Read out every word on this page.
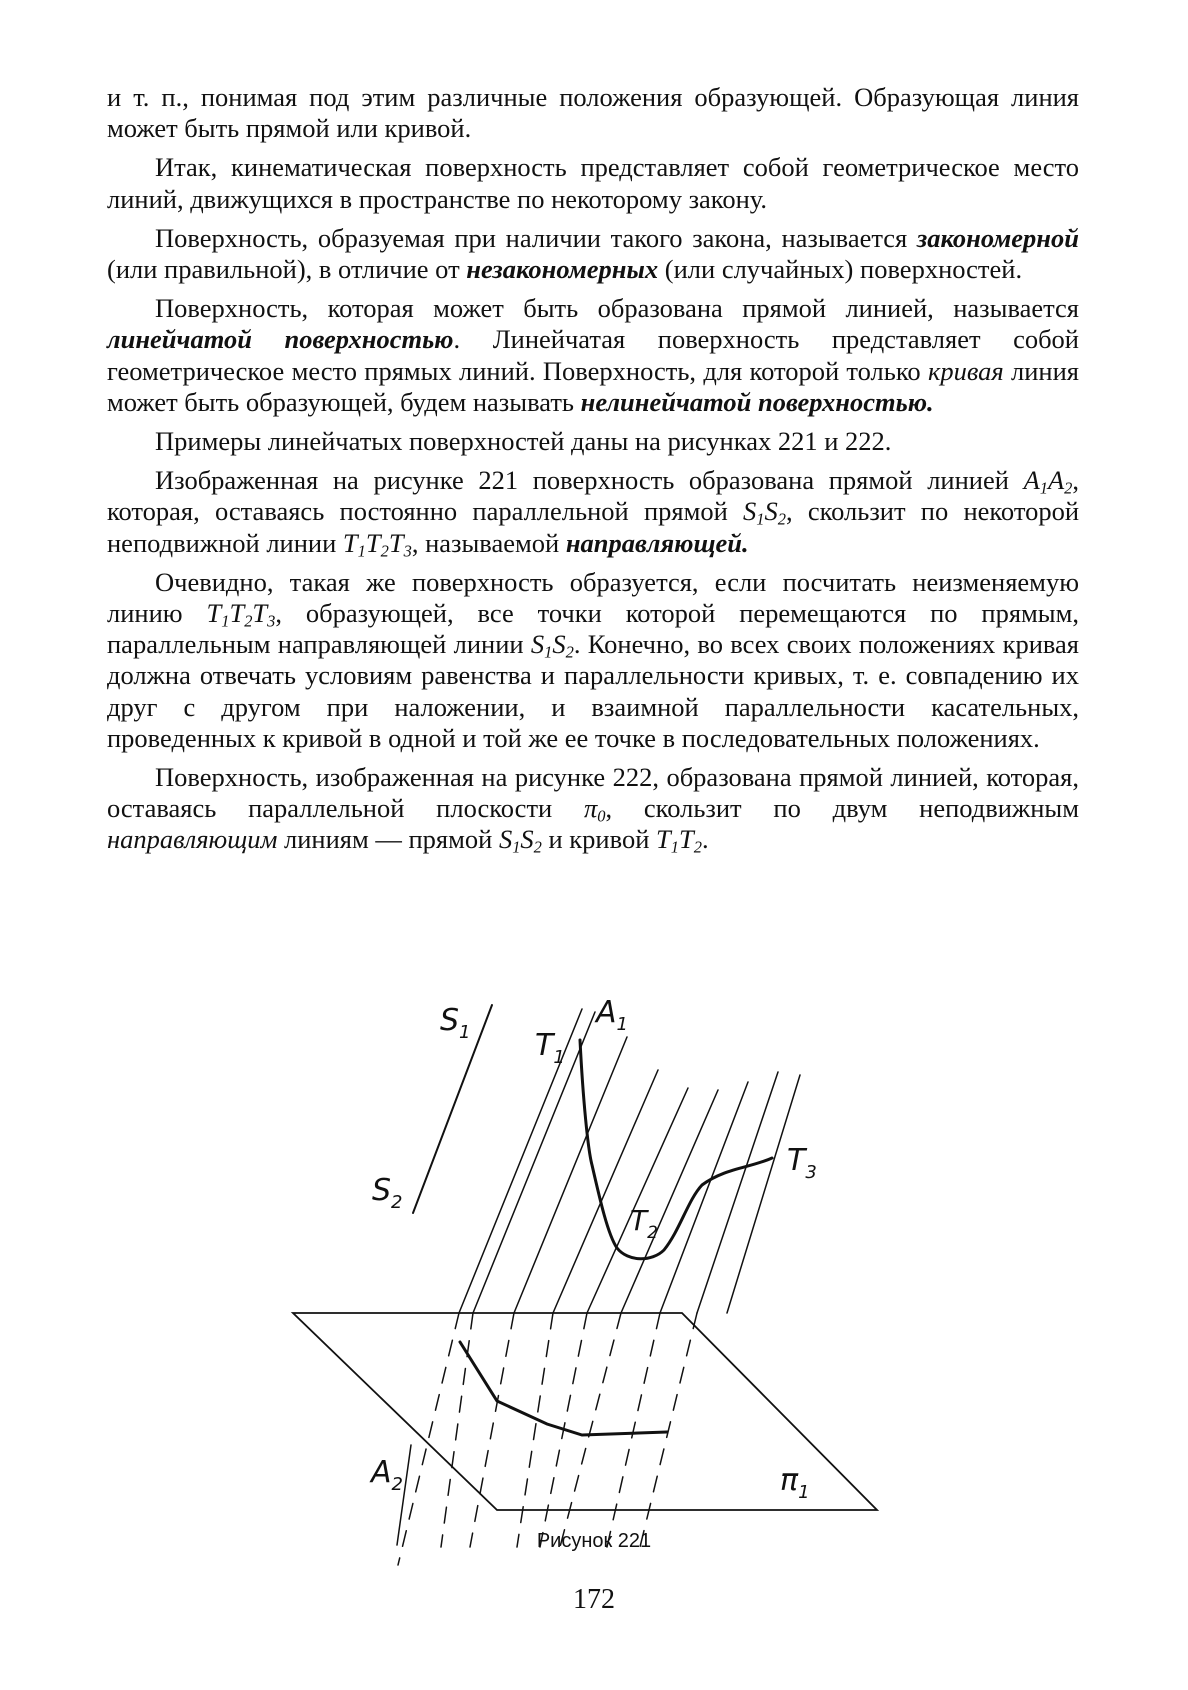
и т. п., понимая под этим различные положения образующей. Образующая линия может быть прямой или кривой.

Итак, кинематическая поверхность представляет собой геометрическое место линий, движущихся в пространстве по некоторому закону.

Поверхность, образуемая при наличии такого закона, называется закономерной (или правильной), в отличие от незакономерных (или случайных) поверхностей.

Поверхность, которая может быть образована прямой линией, называется линейчатой поверхностью. Линейчатая поверхность представляет собой геометрическое место прямых линий. Поверхность, для которой только кривая линия может быть образующей, будем называть нелинейчатой поверхностью.

Примеры линейчатых поверхностей даны на рисунках 221 и 222.

Изображенная на рисунке 221 поверхность образована прямой линией $A_1A_2$, которая, оставаясь постоянно параллельной прямой $S_1S_2$, скользит по некоторой неподвижной линии $T_1T_2T_3$, называемой направляющей.

Очевидно, такая же поверхность образуется, если посчитать неизменяемую линию $T_1T_2T_3$, образующей, все точки которой перемещаются по прямым, параллельным направляющей линии $S_1S_2$. Конечно, во всех своих положениях кривая должна отвечать условиям равенства и параллельности кривых, т. е. совпадению их друг с другом при наложении, и взаимной параллельности касательных, проведенных к кривой в одной и той же ее точке в последовательных положениях.

Поверхность, изображенная на рисунке 222, образована прямой линией, которая, оставаясь параллельной плоскости $\pi_0$, скользит по двум неподвижным направляющим линиям — прямой $S_1S_2$ и кривой $T_1T_2$.

$S_1$
$S_2$
$T_1$
$A_1$
$T_2$
$T_3$
$A_2$	$\pi_1$
Рисунок 221
172
